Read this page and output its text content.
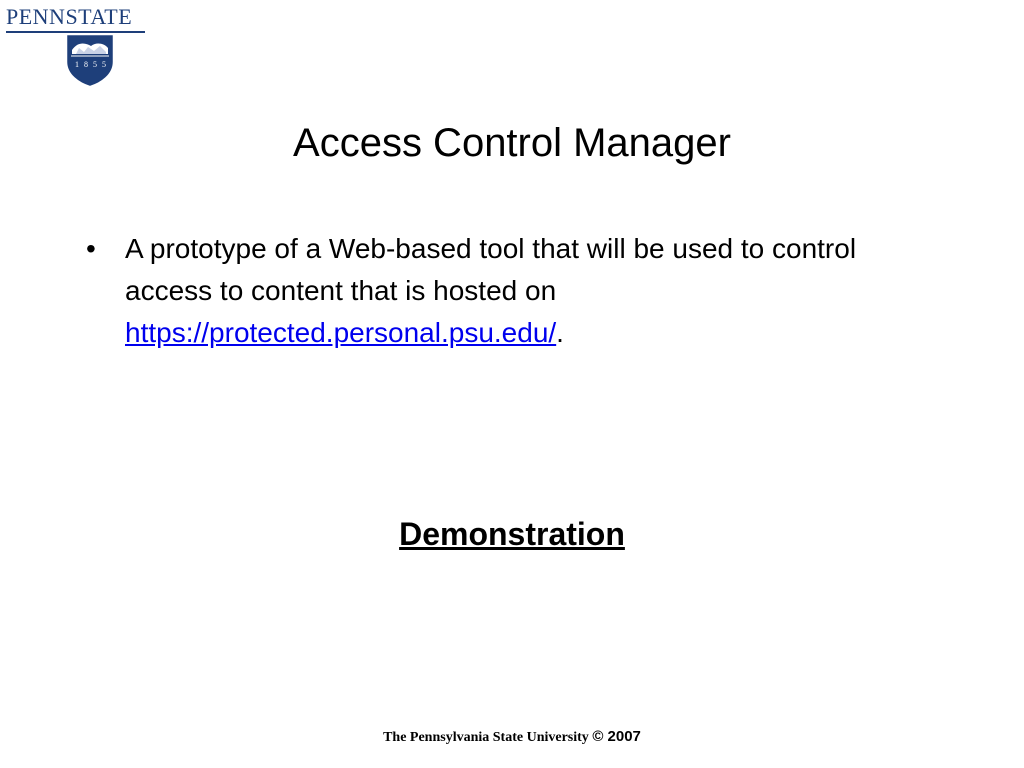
PENNSTATE
1 8 5 5
Access Control Manager
• A prototype of a Web-based tool that will be used to control access to content that is hosted on https://protected.personal.psu.edu/.
Demonstration
The Pennsylvania State University © 2007
